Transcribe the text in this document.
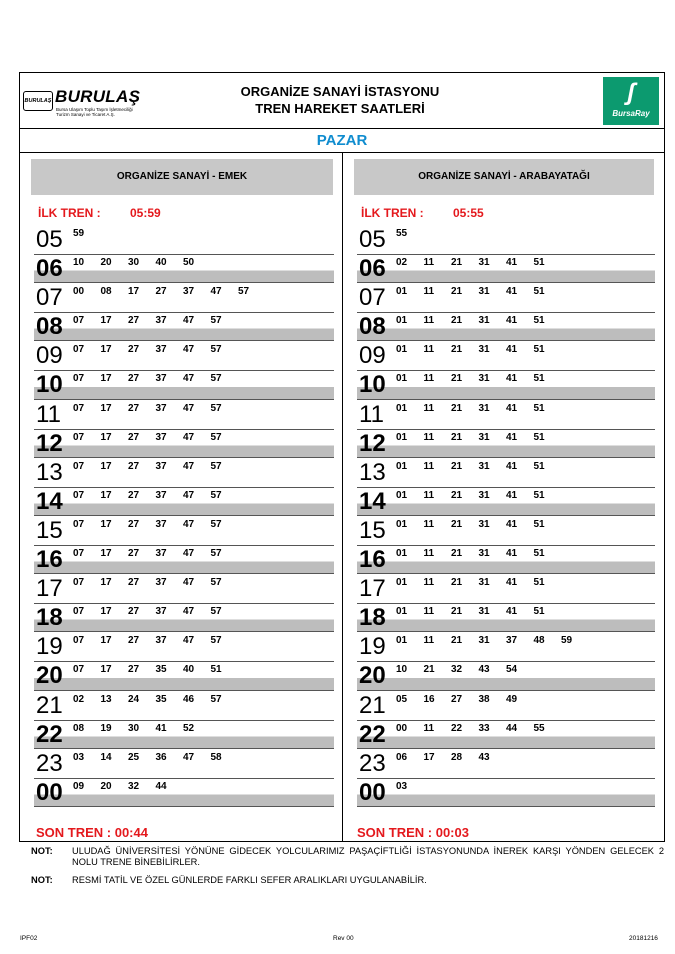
BURULAŞ BURULAŞ
Bursa Ulaşım Toplu Taşım İşletmeciliği Turizm Sanayi ve Ticaret A.Ş.
ORGANİZE SANAYİ İSTASYONU
TREN HAREKET SAATLERİ
ʃ
BursaRay
PAZAR
ORGANİZE SANAYİ - EMEK
İLK TREN : 05:59
05 59
06 10	20	30	40	50
07 00	08	17	27	37	47	57
08 07	17	27	37	47	57
09 07	17	27	37	47	57
10 07	17	27	37	47	57
11 07	17	27	37	47	57
12 07	17	27	37	47	57
13 07	17	27	37	47	57
14 07	17	27	37	47	57
15 07	17	27	37	47	57
16 07	17	27	37	47	57
17 07	17	27	37	47	57
18 07	17	27	37	47	57
19 07	17	27	37	47	57
20 07	17	27	35	40	51
21 02	13	24	35	46	57
22 08	19	30	41	52
23 03	14	25	36	47	58
00 09	20	32	44
SON TREN : 00:44
ORGANİZE SANAYİ - ARABAYATAĞI
İLK TREN : 05:55
05 55
06 02	11	21	31	41	51
07 01	11	21	31	41	51
08 01	11	21	31	41	51
09 01	11	21	31	41	51
10 01	11	21	31	41	51
11 01	11	21	31	41	51
12 01	11	21	31	41	51
13 01	11	21	31	41	51
14 01	11	21	31	41	51
15 01	11	21	31	41	51
16 01	11	21	31	41	51
17 01	11	21	31	41	51
18 01	11	21	31	41	51
19 01	11	21	31	37	48	59
20 10	21	32	43	54
21 05	16	27	38	49
22 00	11	22	33	44	55
23 06	17	28	43
00 03
SON TREN : 00:03
NOT: ULUDAĞ ÜNİVERSİTESİ YÖNÜNE GİDECEK YOLCULARIMIZ PAŞAÇİFTLİĞİ İSTASYONUNDA İNEREK KARŞI YÖNDEN GELECEK 2 NOLU TRENE BİNEBİLİRLER.
NOT: RESMİ TATİL VE ÖZEL GÜNLERDE FARKLI SEFER ARALIKLARI UYGULANABİLİR.
IPF02	Rev 00	20181216
